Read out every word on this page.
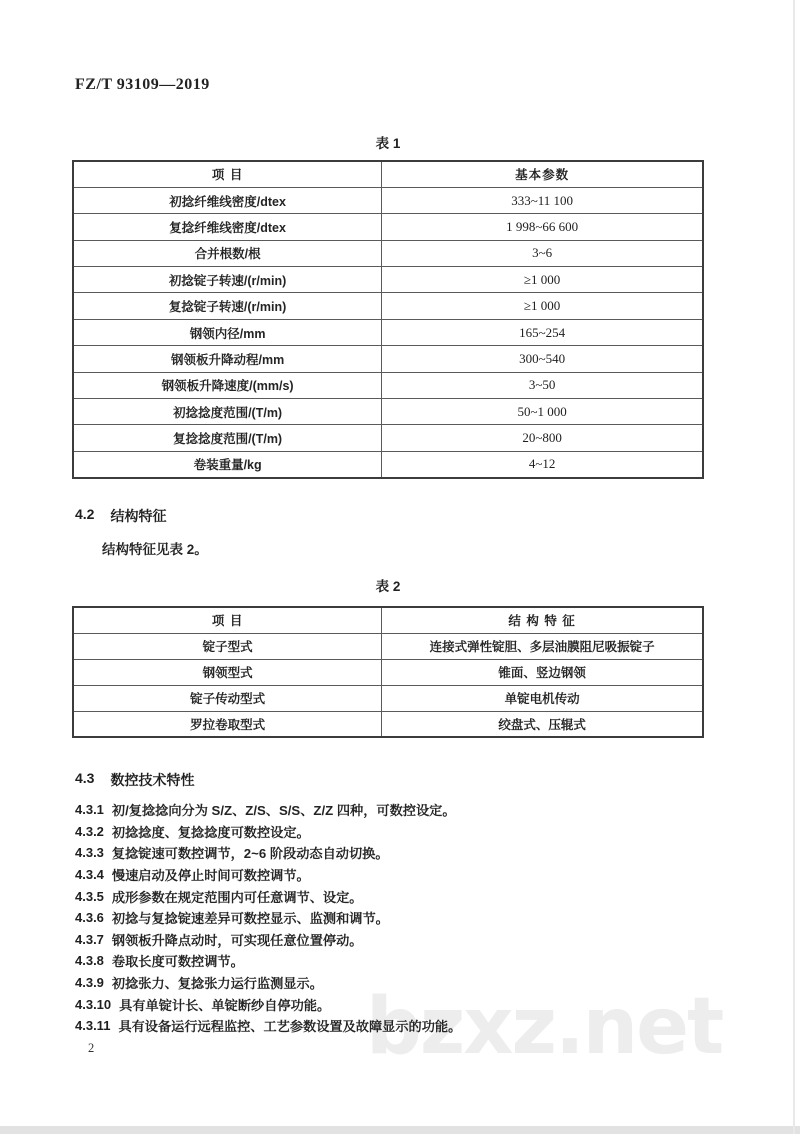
bzxz.net
FZ/T 93109—2019
表 1
项 目	基本参数
初捻纤维线密度/dtex	333~11 100
复捻纤维线密度/dtex	1 998~66 600
合并根数/根	3~6
初捻锭子转速/(r/min)	≥1 000
复捻锭子转速/(r/min)	≥1 000
钢领内径/mm	165~254
钢领板升降动程/mm	300~540
钢领板升降速度/(mm/s)	3~50
初捻捻度范围/(T/m)	50~1 000
复捻捻度范围/(T/m)	20~800
卷装重量/kg	4~12
4.2 结构特征
结构特征见表 2。
表 2
项 目	结 构 特 征
锭子型式	连接式弹性锭胆、多层油膜阻尼吸振锭子
钢领型式	锥面、竖边钢领
锭子传动型式	单锭电机传动
罗拉卷取型式	绞盘式、压辊式
4.3 数控技术特性
4.3.1 初/复捻捻向分为 S/Z、Z/S、S/S、Z/Z 四种，可数控设定。
4.3.2 初捻捻度、复捻捻度可数控设定。
4.3.3 复捻锭速可数控调节，2~6 阶段动态自动切换。
4.3.4 慢速启动及停止时间可数控调节。
4.3.5 成形参数在规定范围内可任意调节、设定。
4.3.6 初捻与复捻锭速差异可数控显示、监测和调节。
4.3.7 钢领板升降点动时，可实现任意位置停动。
4.3.8 卷取长度可数控调节。
4.3.9 初捻张力、复捻张力运行监测显示。
4.3.10 具有单锭计长、单锭断纱自停功能。
4.3.11 具有设备运行远程监控、工艺参数设置及故障显示的功能。
2
